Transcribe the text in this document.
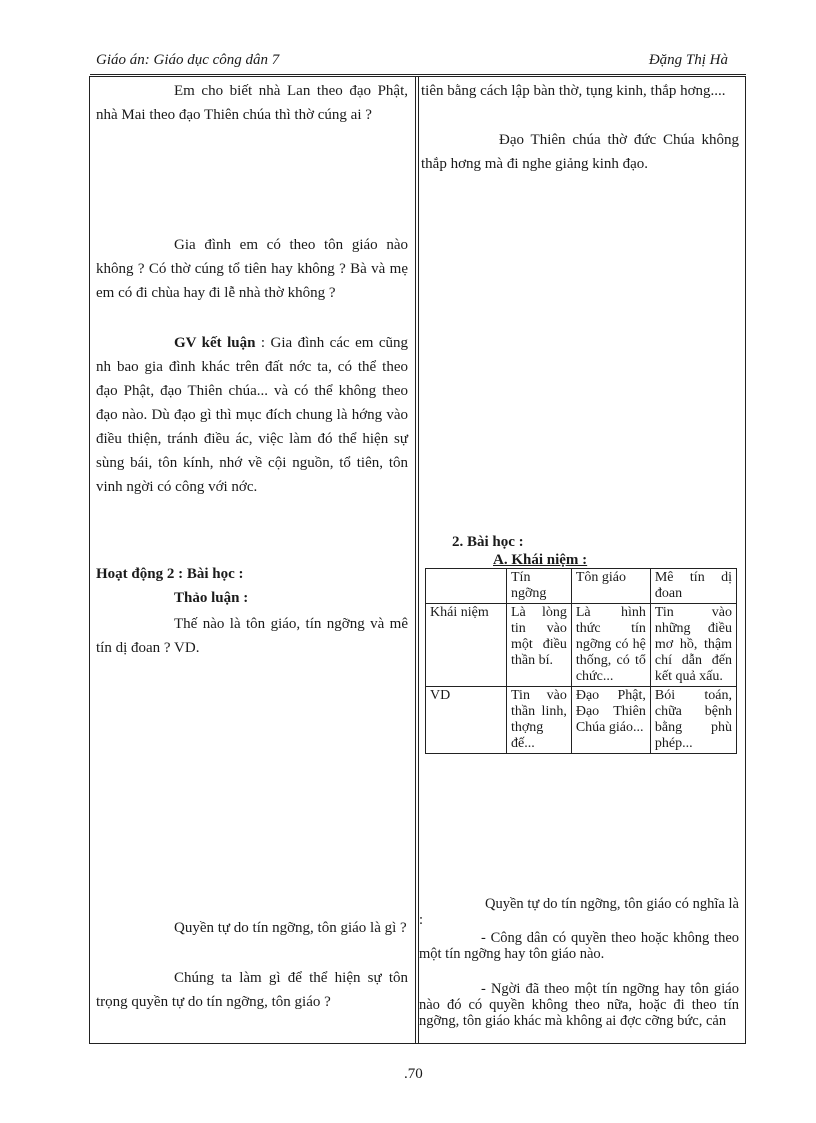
Giáo án: Giáo dục công dân 7	Đặng Thị Hà

Em cho biết nhà Lan theo đạo Phật, nhà Mai theo đạo Thiên chúa thì thờ cúng ai ?

Gia đình em có theo tôn giáo nào không ? Có thờ cúng tổ tiên hay không ? Bà và mẹ em có đi chùa hay đi lễ nhà thờ không ?

GV kết luận : Gia đình các em cũng nh bao gia đình khác trên đất nớc ta, có thể theo đạo Phật, đạo Thiên chúa... và có thể không theo đạo nào. Dù đạo gì thì mục đích chung là hớng vào điều thiện, tránh điều ác, việc làm đó thể hiện sự sùng bái, tôn kính, nhớ về cội nguồn, tổ tiên, tôn vinh ngời có công với nớc.

Hoạt động 2 : Bài học :

Thảo luận :

Thế nào là tôn giáo, tín ngỡng và mê tín dị đoan ? VD.

Quyền tự do tín ngỡng, tôn giáo là gì ?

Chúng ta làm gì để thể hiện sự tôn trọng quyền tự do tín ngỡng, tôn giáo ?

tiên bằng cách lập bàn thờ, tụng kinh, thắp hơng....

Đạo Thiên chúa thờ đức Chúa không thắp hơng mà đi nghe giảng kinh đạo.

2. Bài học :
A. Khái niệm :
	Tín ngỡng	Tôn giáo	Mê tín dị đoan
Khái niệm	Là lòng tin vào một điều thần bí.	Là hình thức tín ngỡng có hệ thống, có tổ chức...	Tin vào những điều mơ hồ, thậm chí dẫn đến kết quả xấu.
VD	Tin vào thần linh, thợng đế...	Đạo Phật, Đạo Thiên Chúa giáo...	Bói toán, chữa bệnh bằng phù phép...

Quyền tự do tín ngỡng, tôn giáo có nghĩa là :

- Công dân có quyền theo hoặc không theo một tín ngỡng hay tôn giáo nào.

- Ngời đã theo một tín ngỡng hay tôn giáo nào đó có quyền không theo nữa, hoặc đi theo tín ngỡng, tôn giáo khác mà không ai đợc cỡng bức, cản

.70
